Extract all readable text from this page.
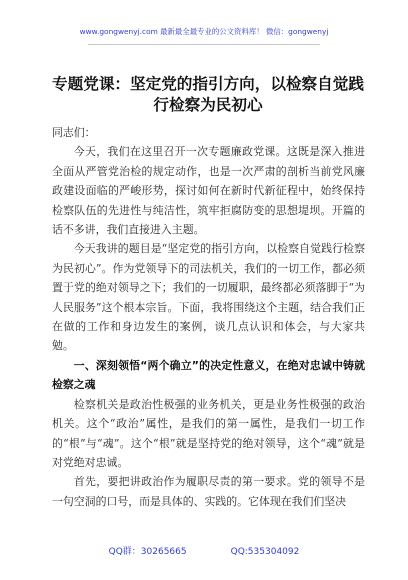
www.gongwenyj.com 最新最全最专业的公文资料库！ 微信：gongwenyj
专题党课：坚定党的指引方向，以检察自觉践行检察为民初心

同志们：

今天，我们在这里召开一次专题廉政党课。这既是深入推进全面从严管党治检的规定动作，也是一次严肃的剖析当前党风廉政建设面临的严峻形势，探讨如何在新时代新征程中，始终保持检察队伍的先进性与纯洁性，筑牢拒腐防变的思想堤坝。开篇的话不多讲，我们直接进入主题。

今天我讲的题目是“坚定党的指引方向，以检察自觉践行检察为民初心”。作为党领导下的司法机关，我们的一切工作，都必须置于党的绝对领导之下；我们的一切履职，最终都必须落脚于“为人民服务”这个根本宗旨。下面，我将围绕这个主题，结合我们正在做的工作和身边发生的案例，谈几点认识和体会，与大家共勉。

一、深刻领悟“两个确立”的决定性意义，在绝对忠诚中铸就检察之魂

检察机关是政治性极强的业务机关，更是业务性极强的政治机关。这个“政治”属性，是我们的第一属性，是我们一切工作的“根”与“魂”。这个“根”就是坚持党的绝对领导，这个“魂”就是对党绝对忠诚。

首先，要把讲政治作为履职尽责的第一要求。党的领导不是一句空洞的口号，而是具体的、实践的。它体现在我们们坚决

QQ群：30265665	QQ:535304092
